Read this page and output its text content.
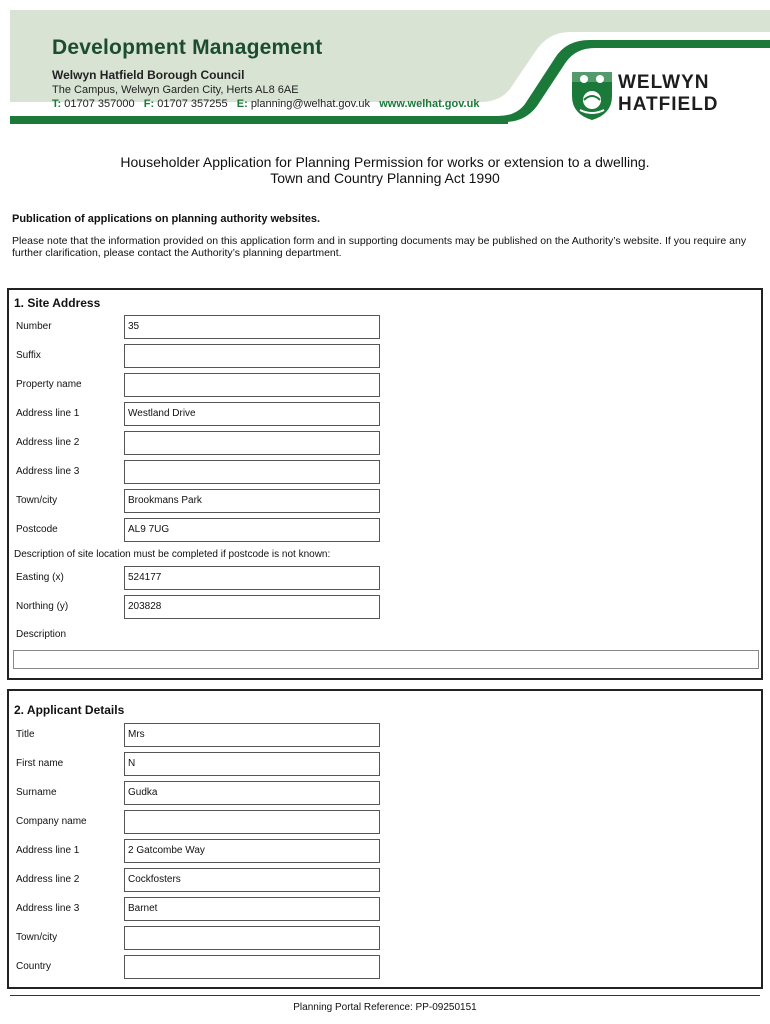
Development Management
Welwyn Hatfield Borough Council
The Campus, Welwyn Garden City, Herts AL8 6AE
T: 01707 357000 F: 01707 357255 E: planning@welhat.gov.uk www.welhat.gov.uk
WELWYN
HATFIELD
Householder Application for Planning Permission for works or extension to a dwelling.
Town and Country Planning Act 1990
Publication of applications on planning authority websites.
Please note that the information provided on this application form and in supporting documents may be published on the Authority’s website. If you require any further clarification, please contact the Authority’s planning department.
1. Site Address
Number	35
Suffix
Property name
Address line 1	Westland Drive
Address line 2
Address line 3
Town/city	Brookmans Park
Postcode	AL9 7UG
Description of site location must be completed if postcode is not known:
Easting (x)	524177
Northing (y)	203828
Description
2. Applicant Details
Title	Mrs
First name	N
Surname	Gudka
Company name
Address line 1	2 Gatcombe Way
Address line 2	Cockfosters
Address line 3	Barnet
Town/city
Country
Planning Portal Reference: PP-09250151
